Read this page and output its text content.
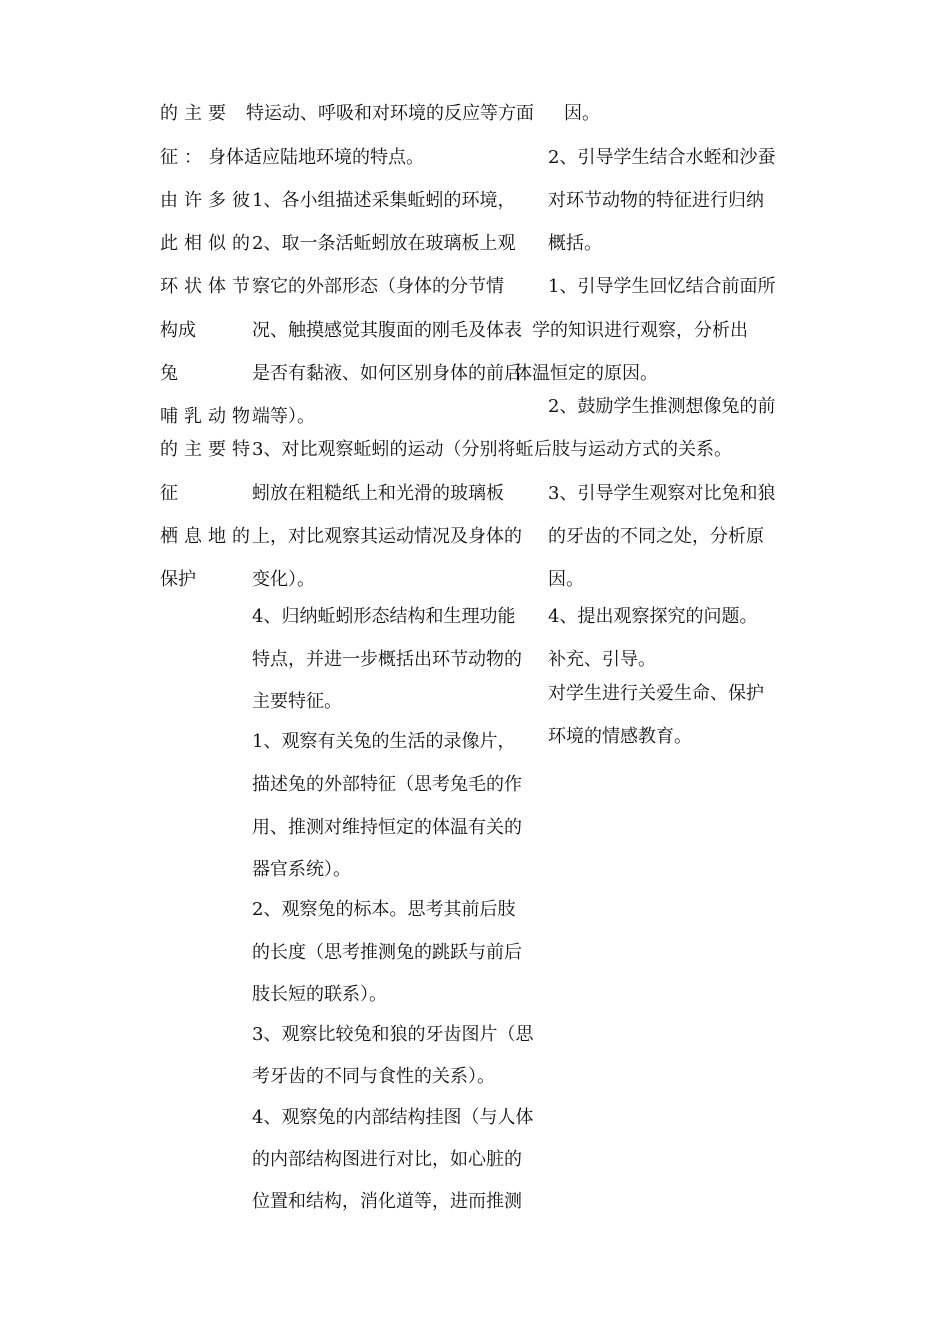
的主要
征：
由许多彼
此相似的
环状体节
构成
兔
哺乳动物
的主要特
征
栖息地的
保护
特运动、呼吸和对环境的反应等方面
身体适应陆地环境的特点。
1、各小组描述采集蚯蚓的环境，
2、取一条活蚯蚓放在玻璃板上观
察它的外部形态（身体的分节情
况、触摸感觉其腹面的刚毛及体表
是否有黏液、如何区别身体的前后
端等）。
3、对比观察蚯蚓的运动（分别将蚯
蚓放在粗糙纸上和光滑的玻璃板
上，对比观察其运动情况及身体的
变化）。
4、归纳蚯蚓形态结构和生理功能
特点，并进一步概括出环节动物的
主要特征。
1、观察有关兔的生活的录像片，
描述兔的外部特征（思考兔毛的作
用、推测对维持恒定的体温有关的
器官系统）。
2、观察兔的标本。思考其前后肢
的长度（思考推测兔的跳跃与前后
肢长短的联系）。
3、观察比较兔和狼的牙齿图片（思
考牙齿的不同与食性的关系）。
4、观察兔的内部结构挂图（与人体
的内部结构图进行对比，如心脏的
位置和结构，消化道等，进而推测
因。
2、引导学生结合水蛭和沙蚕
对环节动物的特征进行归纳
概括。
1、引导学生回忆结合前面所
学的知识进行观察，分析出
体温恒定的原因。
2、鼓励学生推测想像兔的前
后肢与运动方式的关系。
3、引导学生观察对比兔和狼
的牙齿的不同之处，分析原
因。
4、提出观察探究的问题。
补充、引导。
对学生进行关爱生命、保护
环境的情感教育。
